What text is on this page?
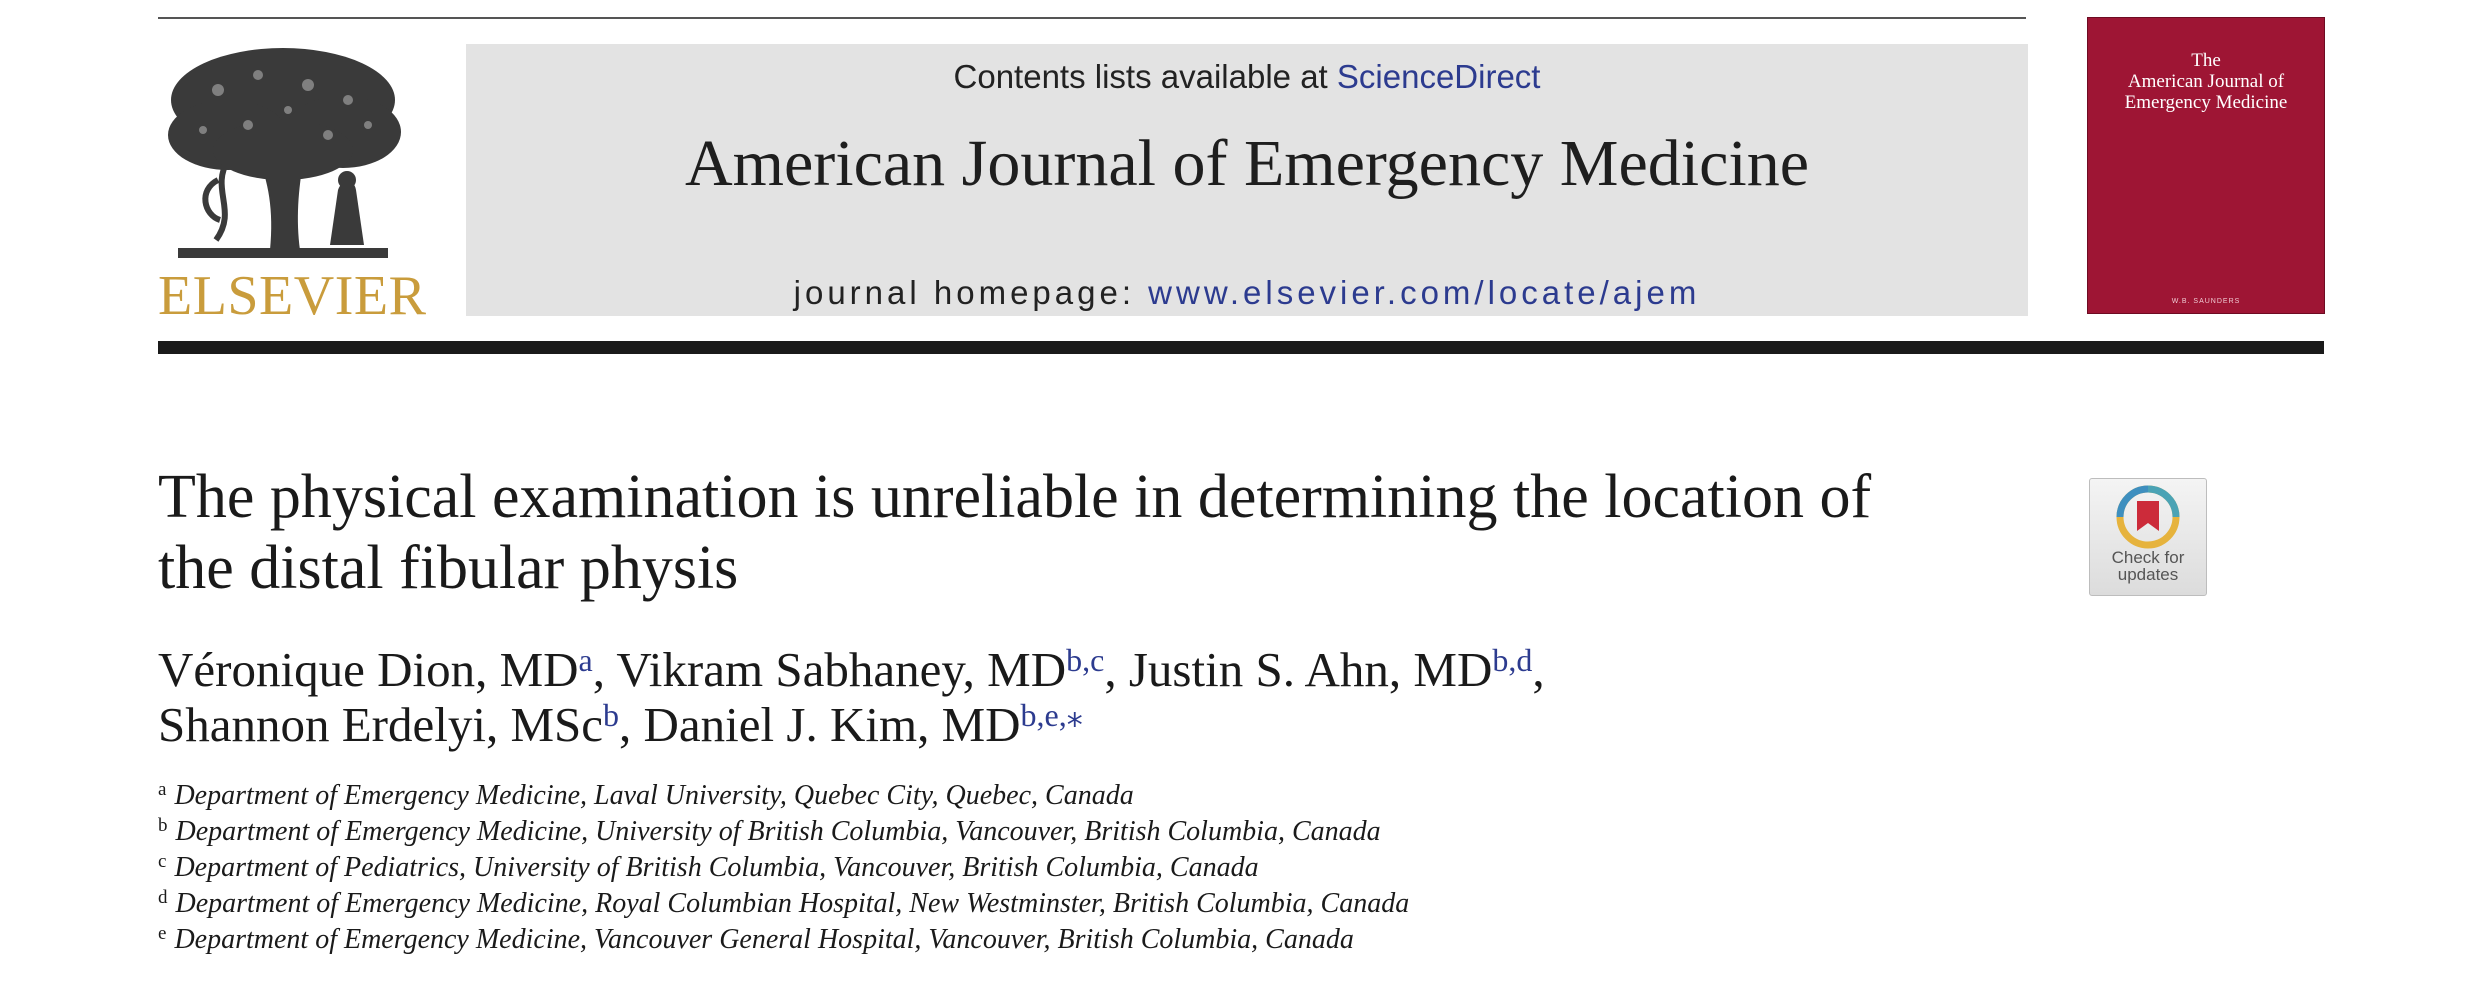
ELSEVIER
Contents lists available at ScienceDirect
American Journal of Emergency Medicine
journal homepage: www.elsevier.com/locate/ajem
The
American Journal of
Emergency Medicine
W.B. SAUNDERS
The physical examination is unreliable in determining the location of the distal fibular physis	Check for
updates
Véronique Dion, $MD^a$, Vikram Sabhaney, MD$^{b,c}$, Justin S. Ahn, MD$^{b,d}$,
Shannon Erdelyi, MSc$^b$, Daniel J. Kim, $MD^{b,e,⁎}$
$^a$ Department of Emergency Medicine, Laval University, Quebec City, Quebec, Canada
$^b$ Department of Emergency Medicine, University of British Columbia, Vancouver, British Columbia, Canada
$^c$ Department of Pediatrics, University of British Columbia, Vancouver, British Columbia, Canada
$^d$ Department of Emergency Medicine, Royal Columbian Hospital, New Westminster, British Columbia, Canada
$^e$ Department of Emergency Medicine, Vancouver General Hospital, Vancouver, British Columbia, Canada
